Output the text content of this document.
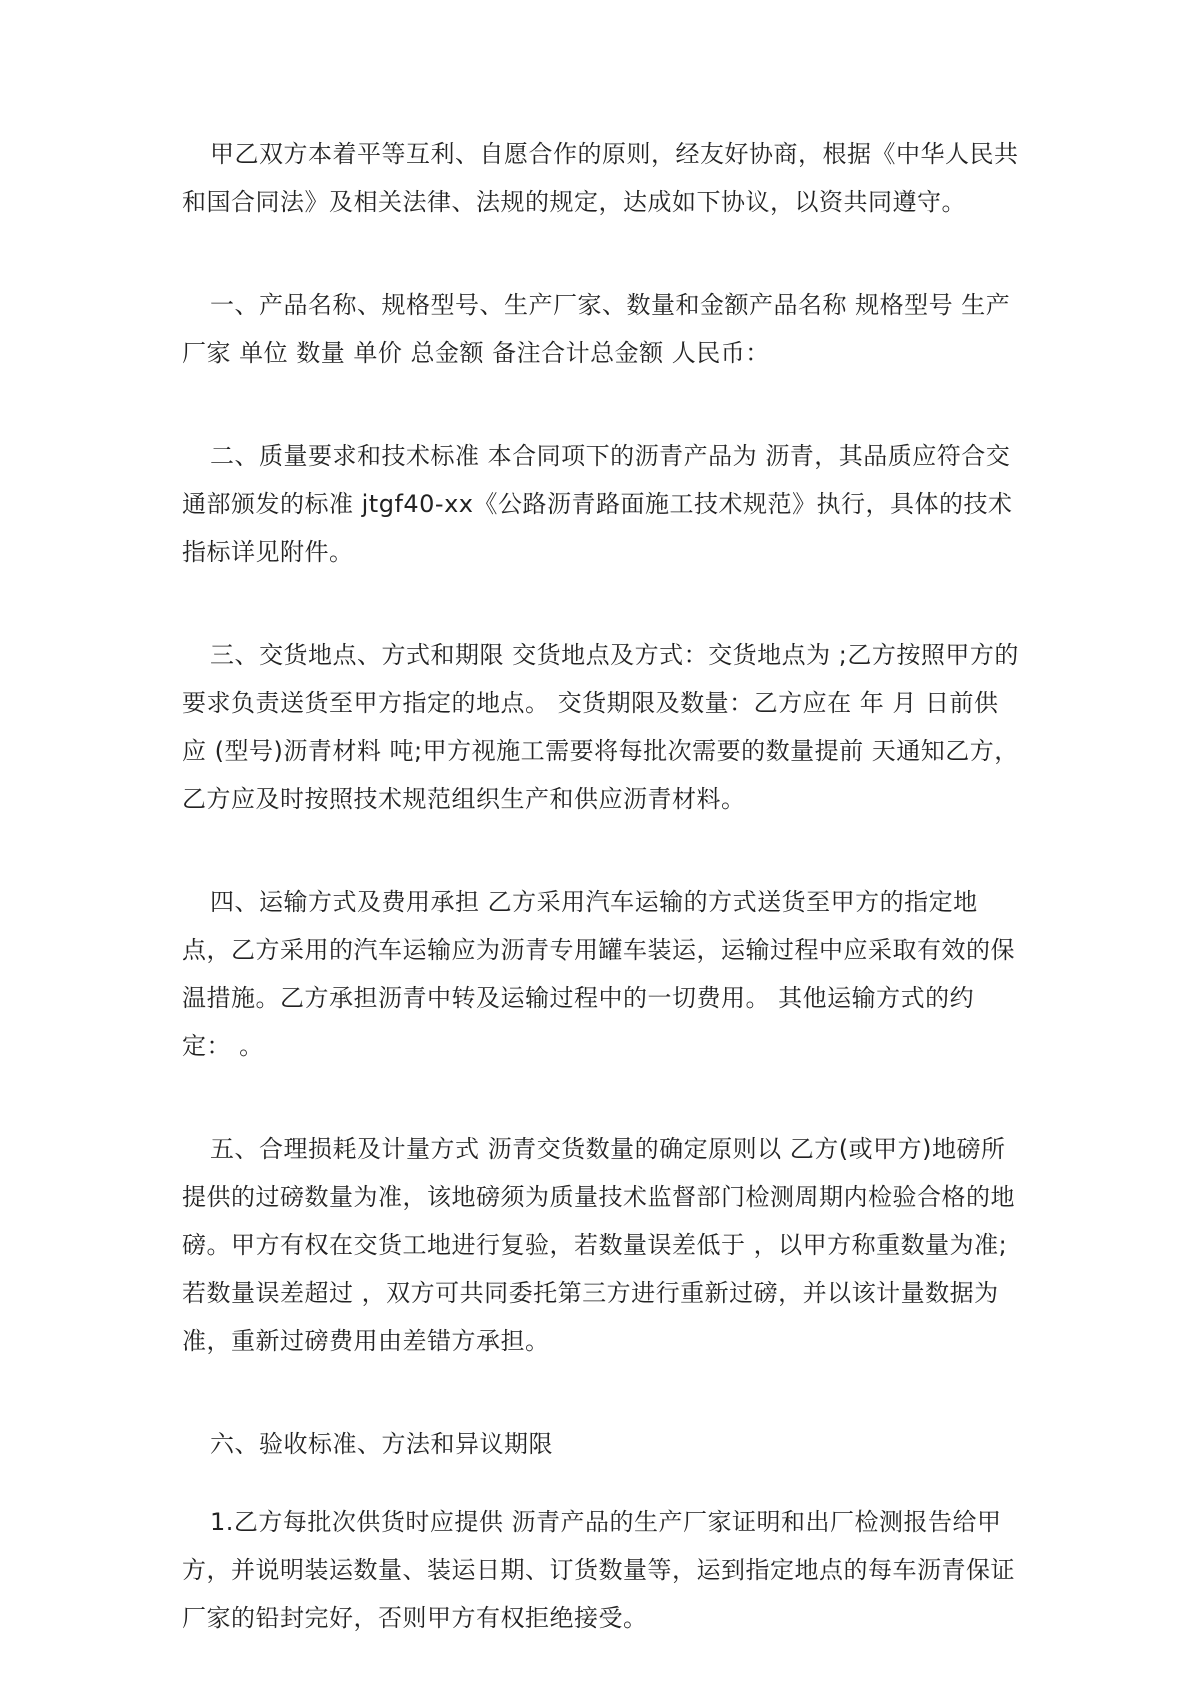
甲乙双方本着平等互利、自愿合作的原则，经友好协商，根据《中华人民共和国合同法》及相关法律、法规的规定，达成如下协议，以资共同遵守。

一、产品名称、规格型号、生产厂家、数量和金额产品名称 规格型号 生产厂家 单位 数量 单价 总金额 备注合计总金额 人民币：

二、质量要求和技术标准 本合同项下的沥青产品为 沥青，其品质应符合交通部颁发的标准 jtgf40-xx《公路沥青路面施工技术规范》执行，具体的技术指标详见附件。

三、交货地点、方式和期限 交货地点及方式：交货地点为 ;乙方按照甲方的要求负责送货至甲方指定的地点。 交货期限及数量：乙方应在 年 月 日前供应 (型号)沥青材料 吨;甲方视施工需要将每批次需要的数量提前 天通知乙方，乙方应及时按照技术规范组织生产和供应沥青材料。

四、运输方式及费用承担 乙方采用汽车运输的方式送货至甲方的指定地点，乙方采用的汽车运输应为沥青专用罐车装运，运输过程中应采取有效的保温措施。乙方承担沥青中转及运输过程中的一切费用。 其他运输方式的约定： 。

五、合理损耗及计量方式 沥青交货数量的确定原则以 乙方(或甲方)地磅所提供的过磅数量为准，该地磅须为质量技术监督部门检测周期内检验合格的地磅。甲方有权在交货工地进行复验，若数量误差低于 ，以甲方称重数量为准;若数量误差超过 ，双方可共同委托第三方进行重新过磅，并以该计量数据为准，重新过磅费用由差错方承担。

六、验收标准、方法和异议期限

1.乙方每批次供货时应提供 沥青产品的生产厂家证明和出厂检测报告给甲方，并说明装运数量、装运日期、订货数量等，运到指定地点的每车沥青保证厂家的铅封完好，否则甲方有权拒绝接受。
